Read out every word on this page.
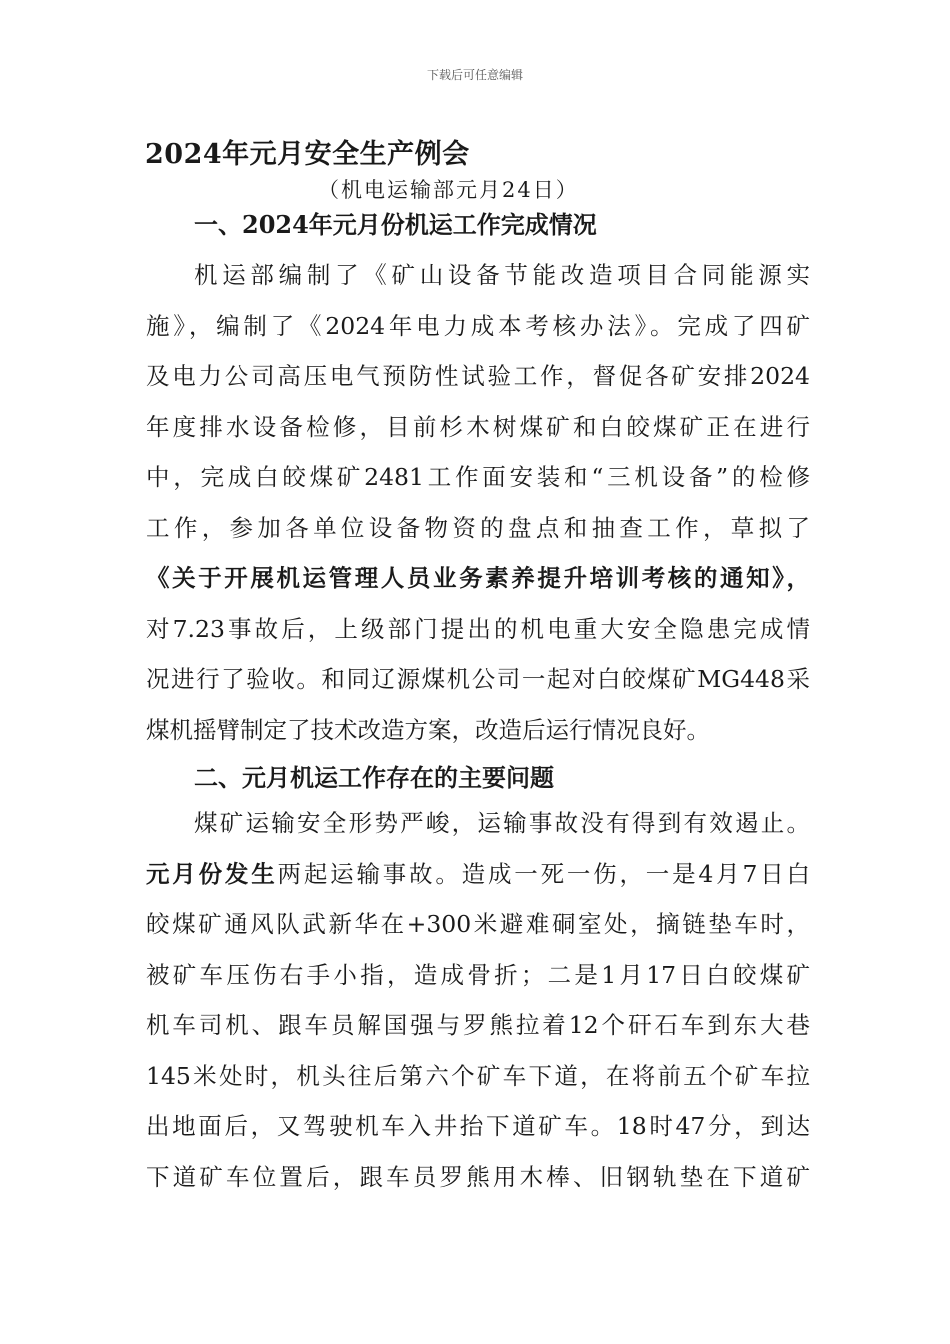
下载后可任意编辑
2024年元月安全生产例会
（机电运输部元月24日）
一、2024年元月份机运工作完成情况
机运部编制了《矿山设备节能改造项目合同能源实
施》，编制了《2024年电力成本考核办法》。完成了四矿
及电力公司高压电气预防性试验工作，督促各矿安排2024
年度排水设备检修，目前杉木树煤矿和白皎煤矿正在进行
中，完成白皎煤矿2481工作面安装和“三机设备”的检修
工作，参加各单位设备物资的盘点和抽查工作，草拟了
《关于开展机运管理人员业务素养提升培训考核的通知》，
对7.23事故后，上级部门提出的机电重大安全隐患完成情
况进行了验收。和同辽源煤机公司一起对白皎煤矿MG448采
煤机摇臂制定了技术改造方案，改造后运行情况良好。
二、元月机运工作存在的主要问题
煤矿运输安全形势严峻，运输事故没有得到有效遏止。
元月份发生两起运输事故。造成一死一伤，一是4月7日白
皎煤矿通风队武新华在+300米避难硐室处，摘链垫车时，
被矿车压伤右手小指，造成骨折；二是1月17日白皎煤矿
机车司机、跟车员解国强与罗熊拉着12个矸石车到东大巷
145米处时，机头往后第六个矿车下道，在将前五个矿车拉
出地面后，又驾驶机车入井抬下道矿车。18时47分，到达
下道矿车位置后，跟车员罗熊用木棒、旧钢轨垫在下道矿
